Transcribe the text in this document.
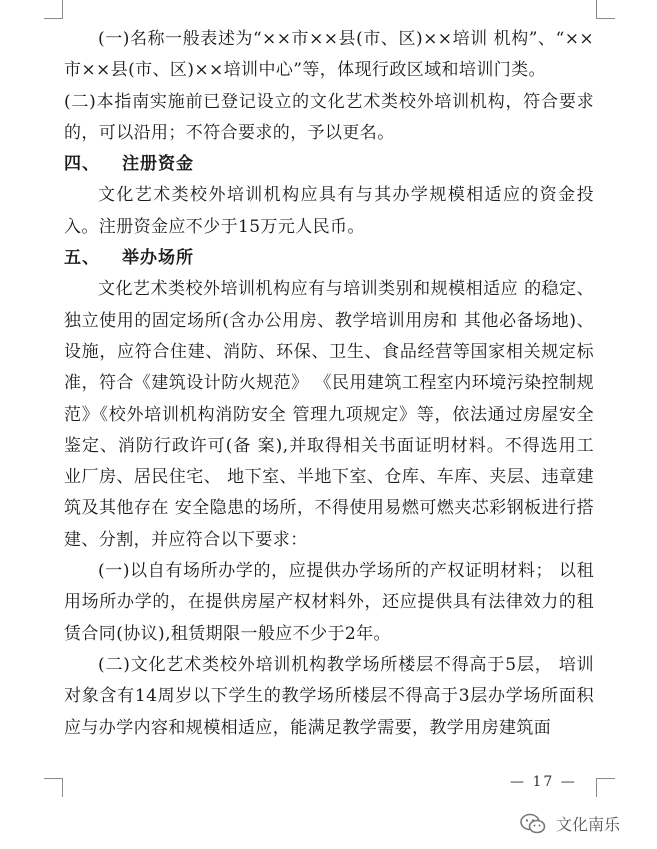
(一)名称一般表述为“××市××县(市、区)××培训 机构”、“××市××县(市、区)××培训中心”等，体现行政区域和培训门类。

(二)本指南实施前已登记设立的文化艺术类校外培训机构，符合要求的，可以沿用；不符合要求的，予以更名。

四、 注册资金

文化艺术类校外培训机构应具有与其办学规模相适应的资金投入。注册资金应不少于15万元人民币。

五、 举办场所

文化艺术类校外培训机构应有与培训类别和规模相适应 的稳定、独立使用的固定场所(含办公用房、教学培训用房和 其他必备场地)、设施，应符合住建、消防、环保、卫生、食品经营等国家相关规定标准，符合《建筑设计防火规范》 《民用建筑工程室内环境污染控制规范》《校外培训机构消防安全 管理九项规定》等，依法通过房屋安全鉴定、消防行政许可(备 案),并取得相关书面证明材料。不得选用工业厂房、居民住宅、 地下室、半地下室、仓库、车库、夹层、违章建筑及其他存在 安全隐患的场所，不得使用易燃可燃夹芯彩钢板进行搭建、分割，并应符合以下要求：

(一)以自有场所办学的，应提供办学场所的产权证明材料； 以租用场所办学的，在提供房屋产权材料外，还应提供具有法律效力的租赁合同(协议),租赁期限一般应不少于2年。

(二)文化艺术类校外培训机构教学场所楼层不得高于5层， 培训对象含有14周岁以下学生的教学场所楼层不得高于3层办学场所面积应与办学内容和规模相适应，能满足教学需要，教学用房建筑面

— 17 —
文化南乐
